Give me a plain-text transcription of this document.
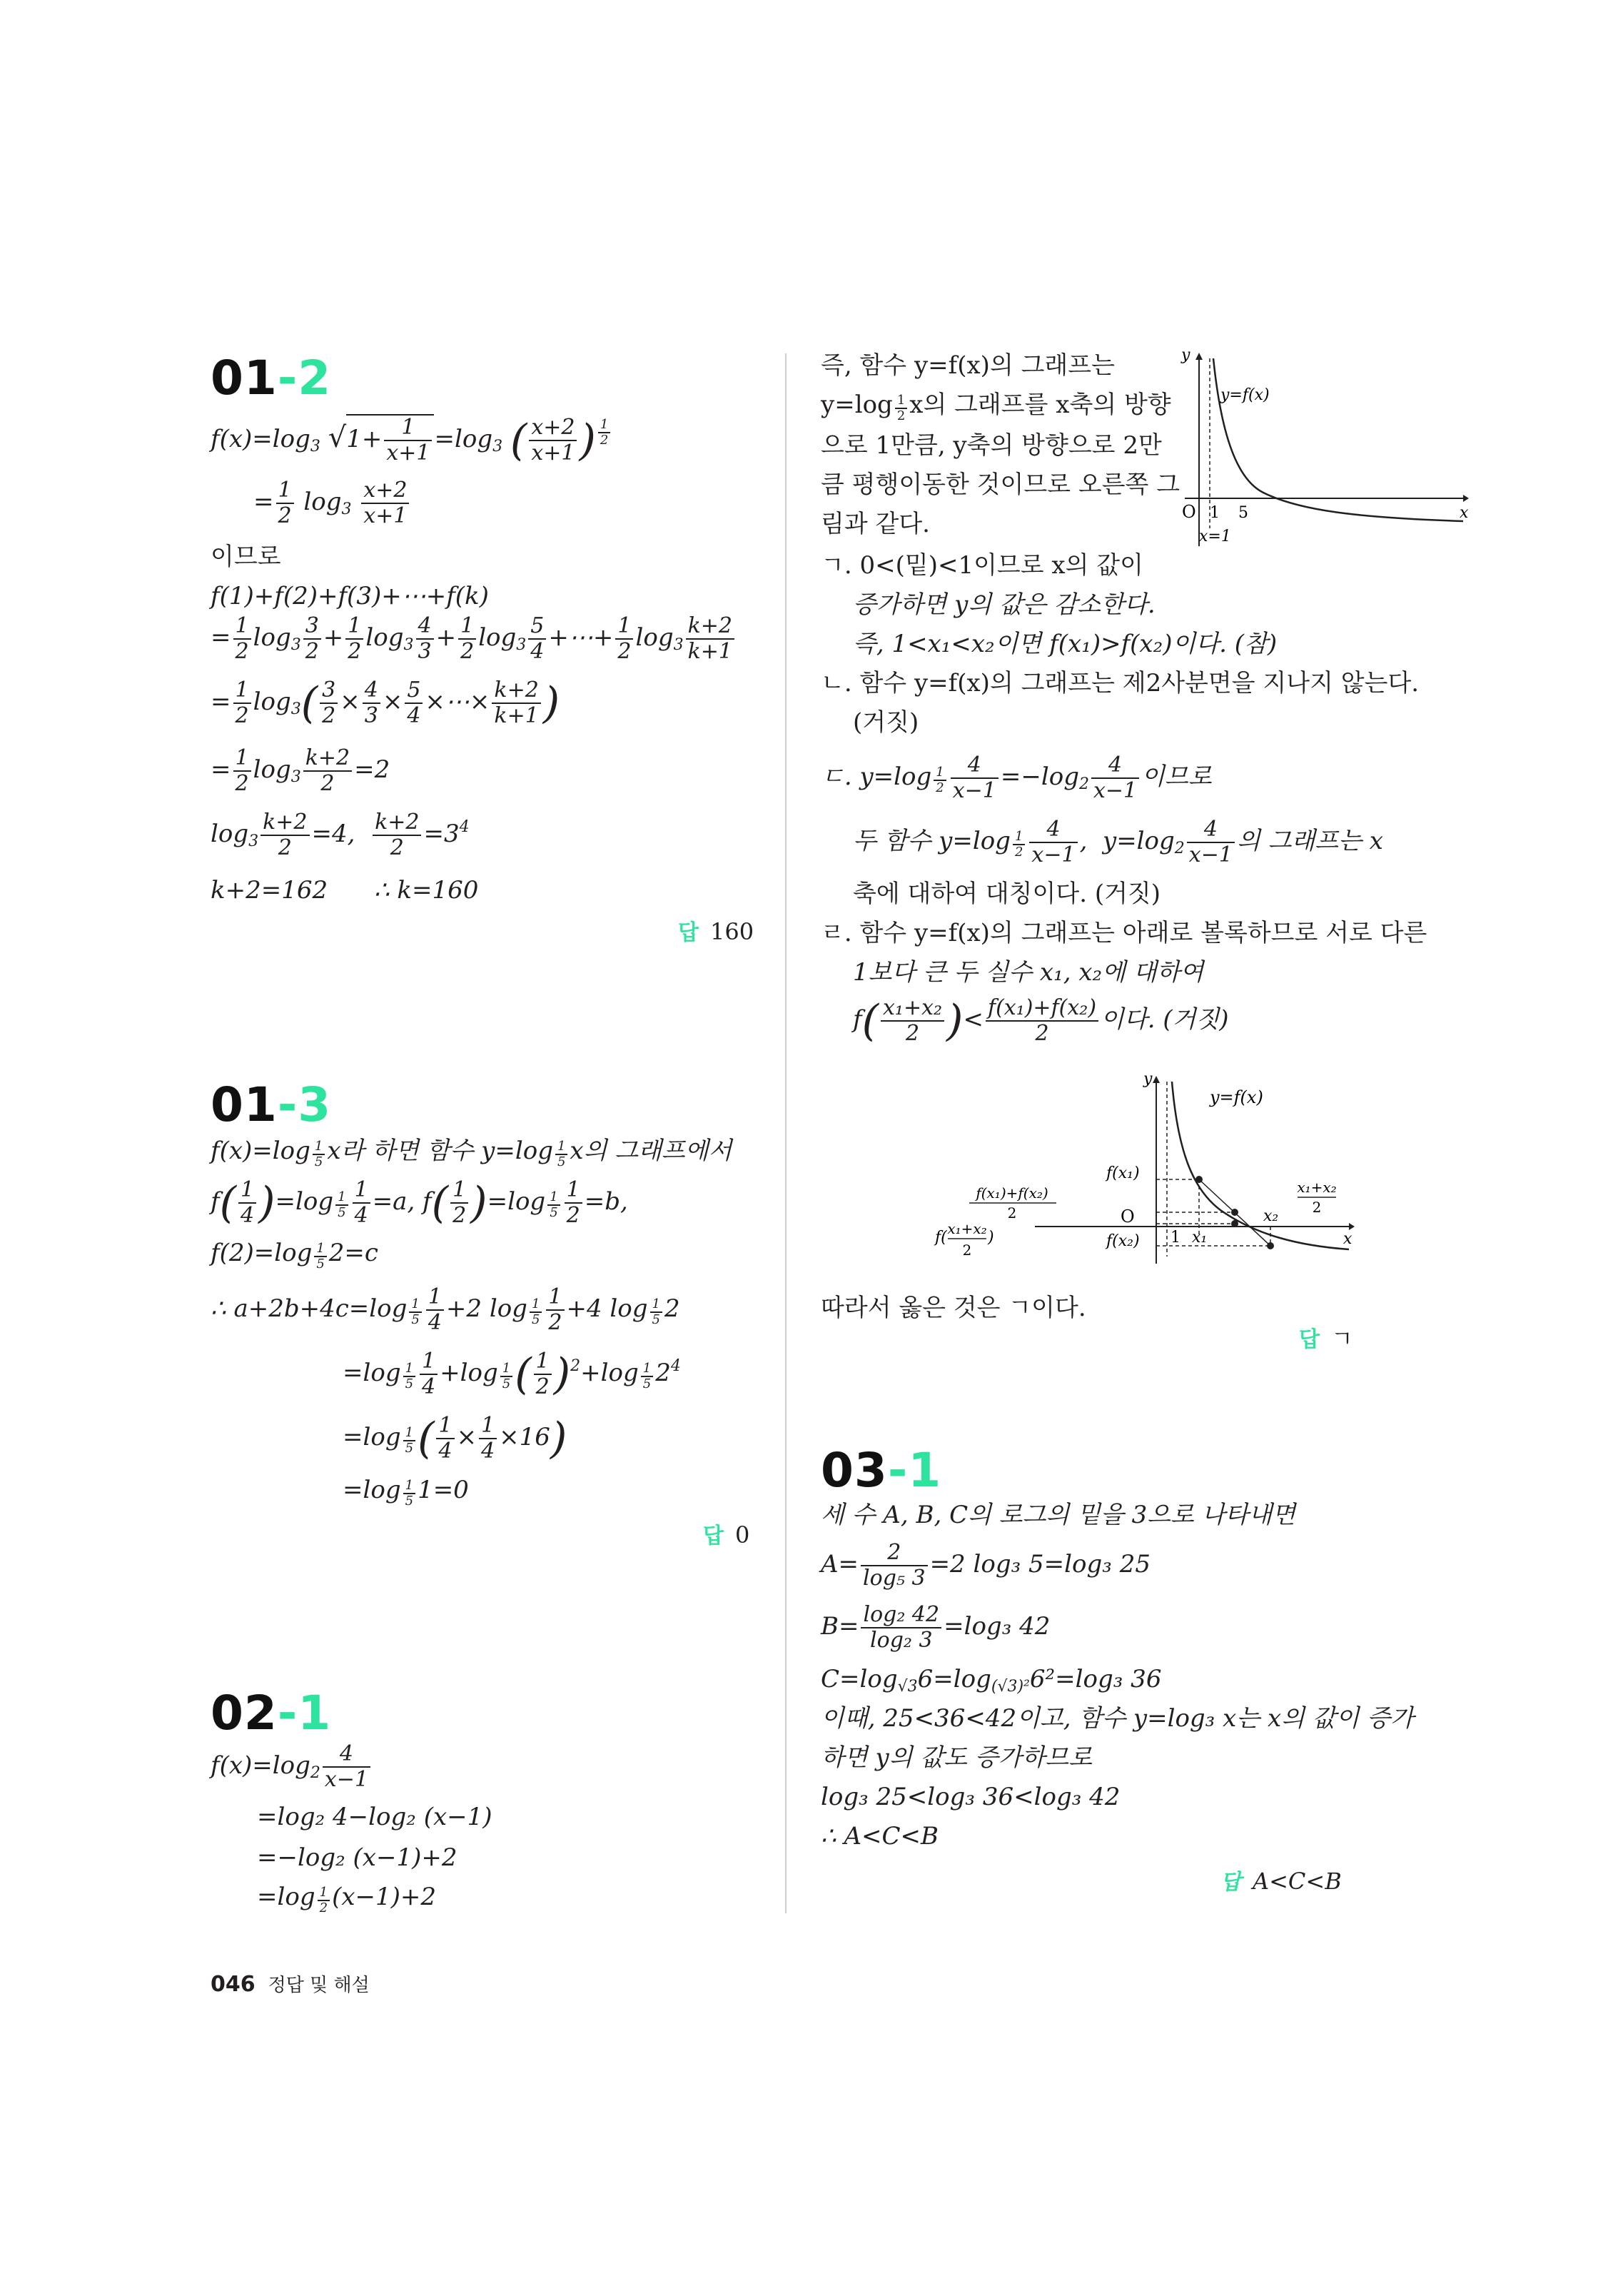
01-2
f(x)=log3 $√1+ \frac{1}{x+1} =\log 3$ ( $\frac{x+2}{x+1}$ ) $^{\frac{1}{2}}$
= $\frac{1}{2} \log 3 \frac{x+2}{x+1}$
이므로
f(1)+f(2)+f(3)+⋯+f(k)
= $\frac{1}{2} \log 3 \frac{3}{2} + \frac{1}{2} \log 3 \frac{4}{3} + \frac{1}{2} \log 3 \frac{5}{4}$ +⋯+ $\frac{1}{2} \log 3 \frac{k+2}{k+1}$
= $\frac{1}{2} \log 3( \frac{3}{2} \times \frac{4}{3} \times \frac{5}{4}$ ×⋯× $\frac{k+2}{k+1}$ )
= $\frac{1}{2} \log 3 \frac{k+2}{2} =2$
$\log 3 \frac{k+2}{2} =4$, $\frac{k+2}{2} =3^4$
k+2=162 ∴ k=160
답 160
01-3
$f(x)=\log \frac{1}{5}$ x라 하면 함수 $y=\log \frac{1}{5}$ x의 그래프에서
$f( \frac{1}{4} )=\log \frac{1}{5} \frac{1}{4} =a$, $f( \frac{1}{2} )=\log \frac{1}{5} \frac{1}{2} =b$,
$f(2)=\log \frac{1}{5} 2=c$
∴ $a+2b+4c=\log \frac{1}{5} \frac{1}{4} +2$ $\log \frac{1}{5} \frac{1}{2} +4$ $\log \frac{1}{5} 2$
$=\log \frac{1}{5} \frac{1}{4} +\log \frac{1}{5}$ ( $\frac{1}{2} )^2+\log \frac{1}{5} 2^4$
$=\log \frac{1}{5}$ ( $\frac{1}{4} \times \frac{1}{4} \times 16$)
$=\log \frac{1}{5} 1=0$
답 0
02-1
$f(x)=\log 2 \frac{4}{x-1}$
=log₂ 4−log₂ (x−1)
=−log₂ (x−1)+2
$=\log \frac{1}{2} (x-1)+2$
즉, 함수 y=f(x)의 그래프는
$y=\log \frac{1}{2}$ x의 그래프를 x축의 방향
으로 1만큼, y축의 방향으로 2만
큼 평행이동한 것이므로 오른쪽 그
림과 같다.
y
x
O 1 5
y=f(x)
x=1
ㄱ. 0<(밑)<1이므로 x의 값이
증가하면 y의 값은 감소한다.
즉, 1<x₁<x₂이면 f(x₁)>f(x₂)이다. (참)
ㄴ. 함수 y=f(x)의 그래프는 제2사분면을 지나지 않는다.
(거짓)
ㄷ. $y=\log \frac{1}{2} \frac{4}{x-1} =-\log 2 \frac{4}{x-1}$ 이므로
두 함수 $y=\log \frac{1}{2} \frac{4}{x-1}$ ,  $y=\log 2 \frac{4}{x-1}$ 의 그래프는 x
축에 대하여 대칭이다. (거짓)
ㄹ. 함수 y=f(x)의 그래프는 아래로 볼록하므로 서로 다른
1보다 큰 두 실수 x₁, x₂에 대하여
$f( \frac{\text{x₁+x₂}}{2}$ )< $\frac{\text{f(x₁)+f(x₂)}}{2}$ 이다. (거짓)
y
x
O
1 x₁
x₂
y=f(x)
f(x₁)
f(x₂)
f(x₁)+f(x₂)
2
f( x₁+x₂
2
)
x₁+x₂
2
따라서 옳은 것은 ㄱ이다.
답 ㄱ
03-1
세 수 A, B, C의 로그의 밑을 3으로 나타내면
$A= \frac{2}{\text{log₅ 3}} =2$ log₃ 5=log₃ 25
$B= \frac{\text{log₂ 42}}{\text{log₂ 3}} =\log_3$ 42
C=log√36=log(√3)²6²=log₃ 36
이때, 25<36<42이고, 함수 y=log₃ x는 x의 값이 증가
하면 y의 값도 증가하므로
log₃ 25<log₃ 36<log₃ 42
∴ A<C<B
답 A<C<B
046 정답 및 해설
